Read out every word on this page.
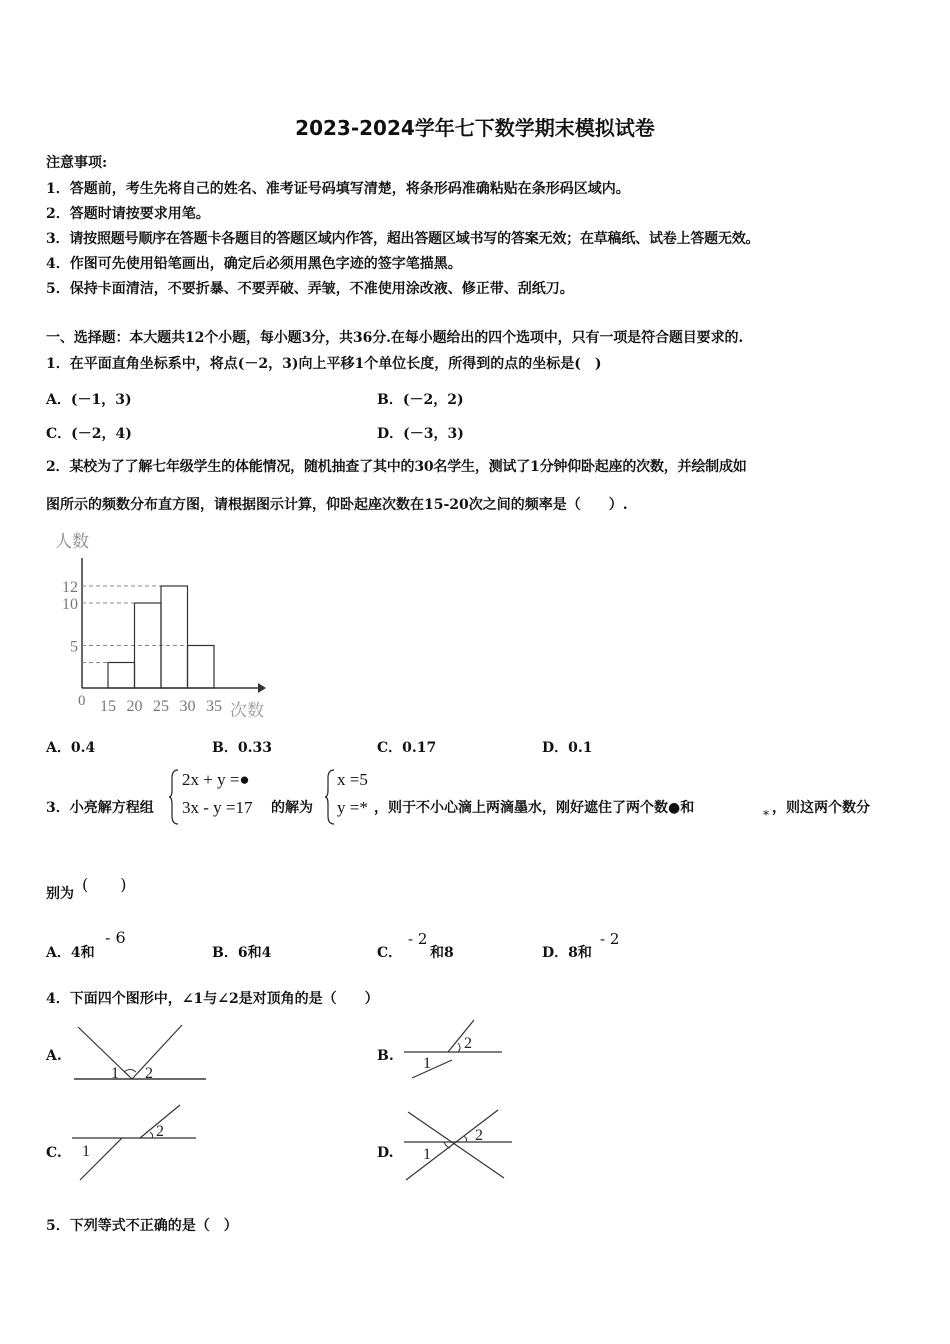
2023-2024学年七下数学期末模拟试卷
注意事项:
1．答题前，考生先将自己的姓名、准考证号码填写清楚，将条形码准确粘贴在条形码区域内。
2．答题时请按要求用笔。
3．请按照题号顺序在答题卡各题目的答题区域内作答，超出答题区域书写的答案无效；在草稿纸、试卷上答题无效。
4．作图可先使用铅笔画出，确定后必须用黑色字迹的签字笔描黑。
5．保持卡面清洁，不要折暴、不要弄破、弄皱，不准使用涂改液、修正带、刮纸刀。
一、选择题：本大题共12个小题，每小题3分，共36分.在每小题给出的四个选项中，只有一项是符合题目要求的.
1．在平面直角坐标系中，将点(－2，3)向上平移1个单位长度，所得到的点的坐标是(　)
A．(－1，3)	B．(－2，2)
C．(－2，4)	D．(－3，3)
2．某校为了了解七年级学生的体能情况，随机抽查了其中的30名学生，测试了1分钟仰卧起座的次数，并绘制成如
图所示的频数分布直方图，请根据图示计算，仰卧起座次数在15-20次之间的频率是（　　）.
人数
0	次数
5
10
12
15 20 25 30 35
A．0.4	B．0.33	C．0.17	D．0.1
3．小亮解方程组
2x + y =●
3x - y =17 的解为
x =5
y =* ，则于不小心滴上两滴墨水，刚好遮住了两个数●和	* ，则这两个数分
(　　)
别为
A．4和
- 6
B．6和4	C．
- 2
和8	D．8和
- 2
4．下面四个图形中，∠1与∠2是对顶角的是（　　）
A.
1 2
B. 1
2
C. 1
2
D. 1
2
5．下列等式不正确的是（　）
